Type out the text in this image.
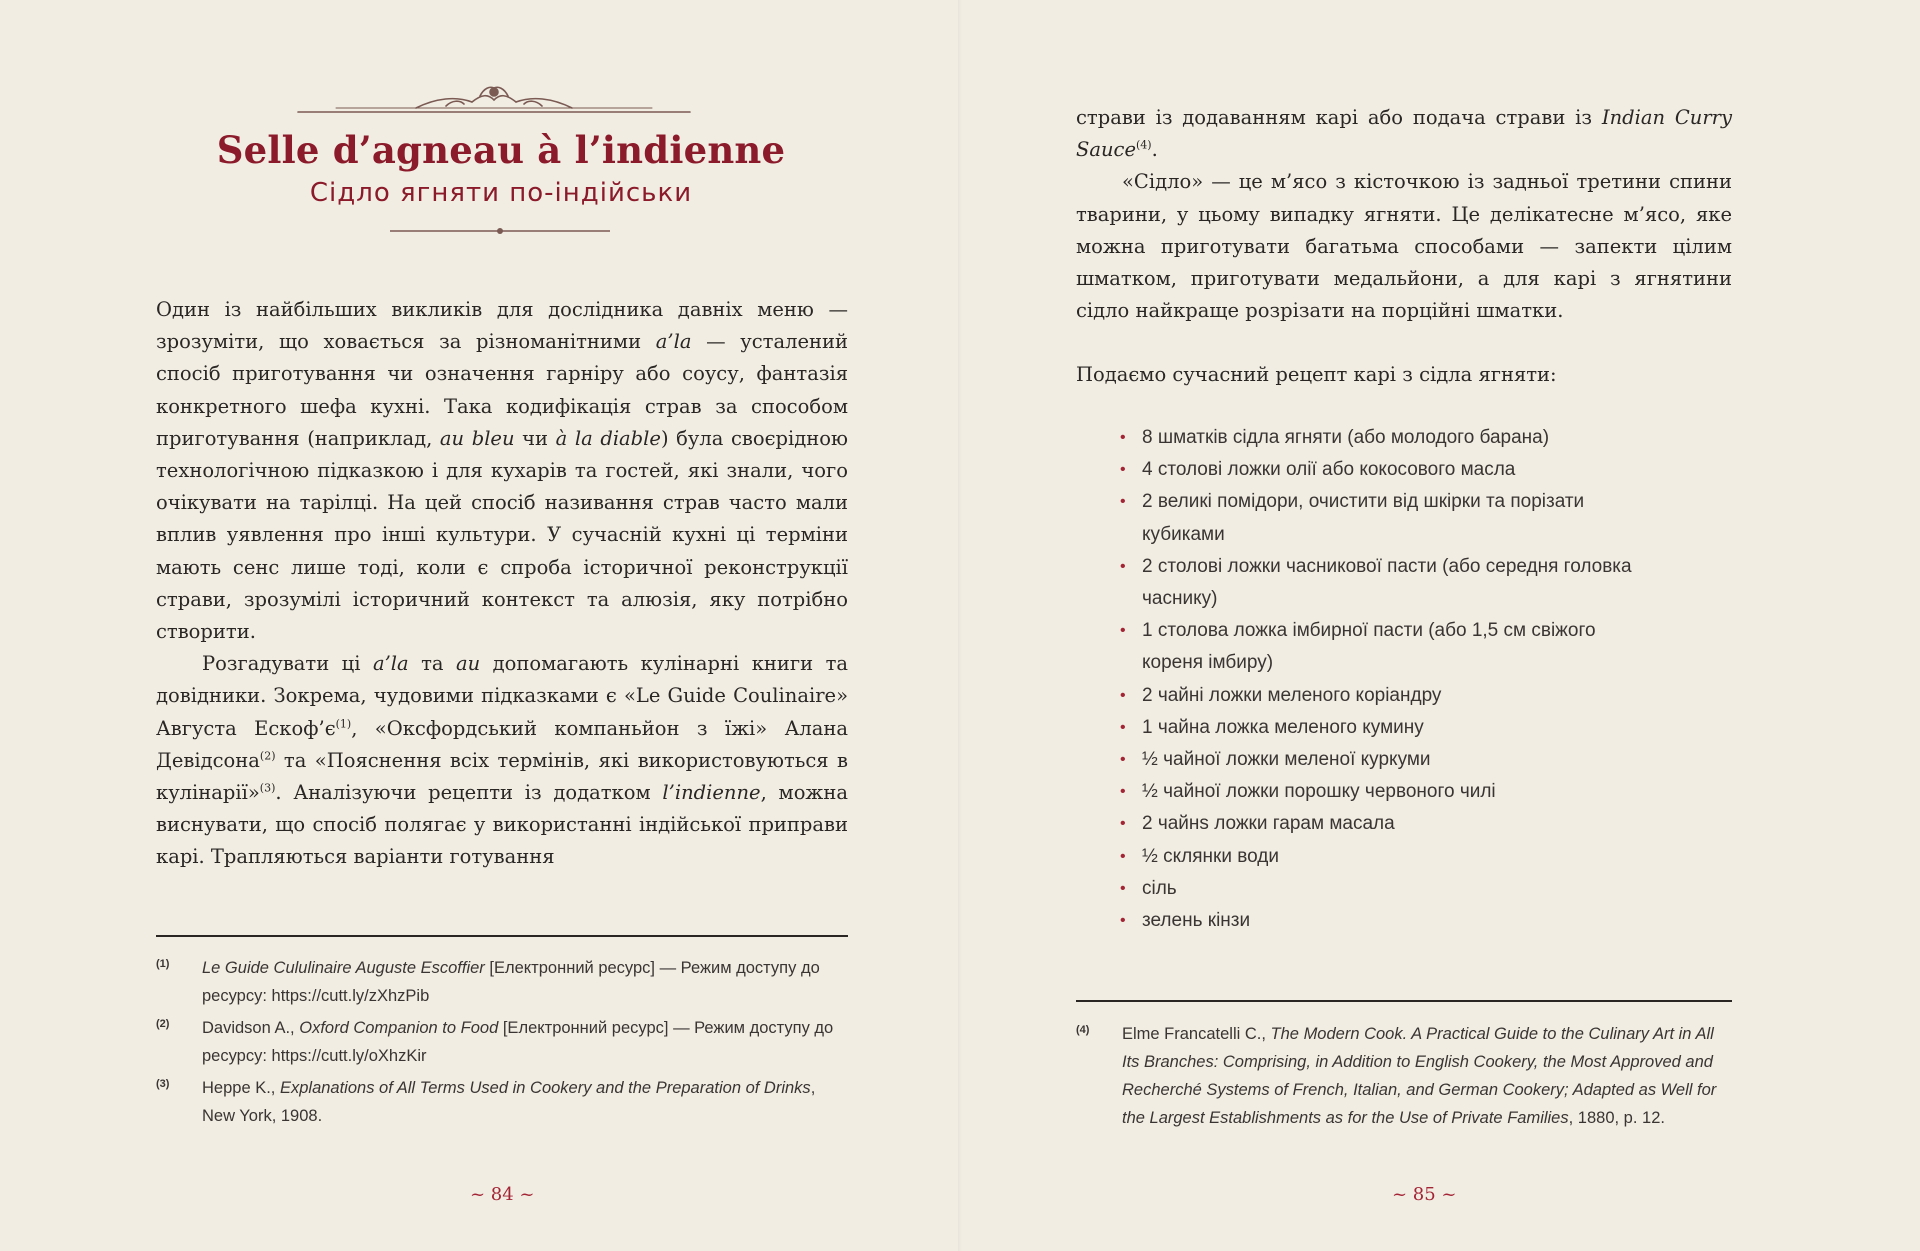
Selle d’agneau à l’indienne
Сідло ягняти по-індійськи

Один із найбільших викликів для дослідника давніх меню — зрозуміти, що ховається за різноманітними a’la — усталений спосіб приготування чи означення гарніру або соусу, фантазія конкретного шефа кухні. Така кодифікація страв за способом приготування (наприклад, au bleu чи à la diable) була своєрідною технологічною підказкою і для кухарів та гостей, які знали, чого очікувати на тарілці. На цей спосіб називання страв часто мали вплив уявлення про інші культури. У сучасній кухні ці терміни мають сенс лише тоді, коли є спроба історичної реконструкції страви, зрозумілі історичний контекст та алюзія, яку потрібно створити.

Розгадувати ці a’la та au допомагають кулінарні книги та довідники. Зокрема, чудовими підказками є «Le Guide Coulinaire» Августа Ескоф’є$^{(1)}$, «Оксфордський компаньйон з їжі» Алана Девідсона$^{(2)}$ та «Пояснення всіх термінів, які використовуються в кулінарії»$^{(3)}$. Аналізуючи рецепти із додатком l’indienne, можна виснувати, що спосіб полягає у використанні індійської приправи карі. Трапляються варіанти готування

(1) Le Guide Cululinaire Auguste Escoffier [Електронний ресурс] — Режим доступу до ресурсу: https://cutt.ly/zXhzPib
(2) Davidson A., Oxford Companion to Food [Електронний ресурс] — Режим доступу до ресурсу: https://cutt.ly/oXhzKir
(3) Heppe K., Explanations of All Terms Used in Cookery and the Preparation of Drinks, New York, 1908.
~ 84 ~

страви із додаванням карі або подача страви із Indian Curry Sauce$^{(4)}$.

«Сідло» — це м’ясо з кісточкою із задньої третини спини тварини, у цьому випадку ягняти. Це делікатесне м’ясо, яке можна приготувати багатьма способами — запекти цілим шматком, приготувати медальйони, а для карі з ягнятини сідло найкраще розрізати на порційні шматки.

Подаємо сучасний рецепт карі з сідла ягняти:

• 8 шматків сідла ягняти (або молодого барана)
• 4 столові ложки олії або кокосового масла
• 2 великі помідори, очистити від шкірки та порізати кубиками
• 2 столові ложки часникової пасти (або середня головка часнику)
• 1 столова ложка імбирної пасти (або 1,5 см свіжого кореня імбиру)
• 2 чайні ложки меленого коріандру
• 1 чайна ложка меленого кумину
• ½ чайної ложки меленої куркуми
• ½ чайної ложки порошку червоного чилі
• 2 чайнs ложки гарам масала
• ½ склянки води
• сіль
• зелень кінзи
(4) Elme Francatelli C., The Modern Cook. A Practical Guide to the Culinary Art in All Its Branches: Comprising, in Addition to English Cookery, the Most Approved and Recherché Systems of French, Italian, and German Cookery; Adapted as Well for the Largest Establishments as for the Use of Private Families, 1880, p. 12.
~ 85 ~
